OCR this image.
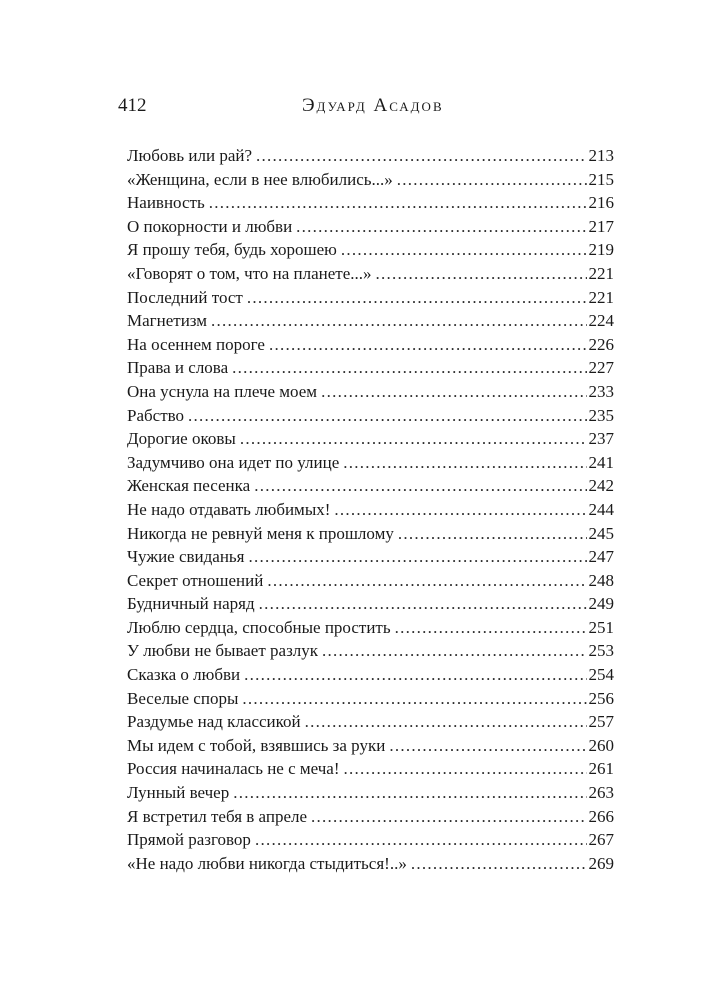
412	Эдуард Асадов
Любовь или рай? . . .	213
«Женщина, если в нее влюбились...» . . .	215
Наивность . . .	216
О покорности и любви . . .	217
Я прошу тебя, будь хорошею . . .	219
«Говорят о том, что на планете...» . . .	221
Последний тост . . .	221
Магнетизм . . .	224
На осеннем пороге . . .	226
Права и слова . . .	227
Она уснула на плече моем . . .	233
Рабство . . .	235
Дорогие оковы . . .	237
Задумчиво она идет по улице . . .	241
Женская песенка . . .	242
Не надо отдавать любимых! . . .	244
Никогда не ревнуй меня к прошлому . . .	245
Чужие свиданья . . .	247
Секрет отношений . . .	248
Будничный наряд . . .	249
Люблю сердца, способные простить . . .	251
У любви не бывает разлук . . .	253
Сказка о любви . . .	254
Веселые споры . . .	256
Раздумье над классикой . . .	257
Мы идем с тобой, взявшись за руки . . .	260
Россия начиналась не с меча! . . .	261
Лунный вечер . . .	263
Я встретил тебя в апреле . . .	266
Прямой разговор . . .	267
«Не надо любви никогда стыдиться!..» . . .	269
